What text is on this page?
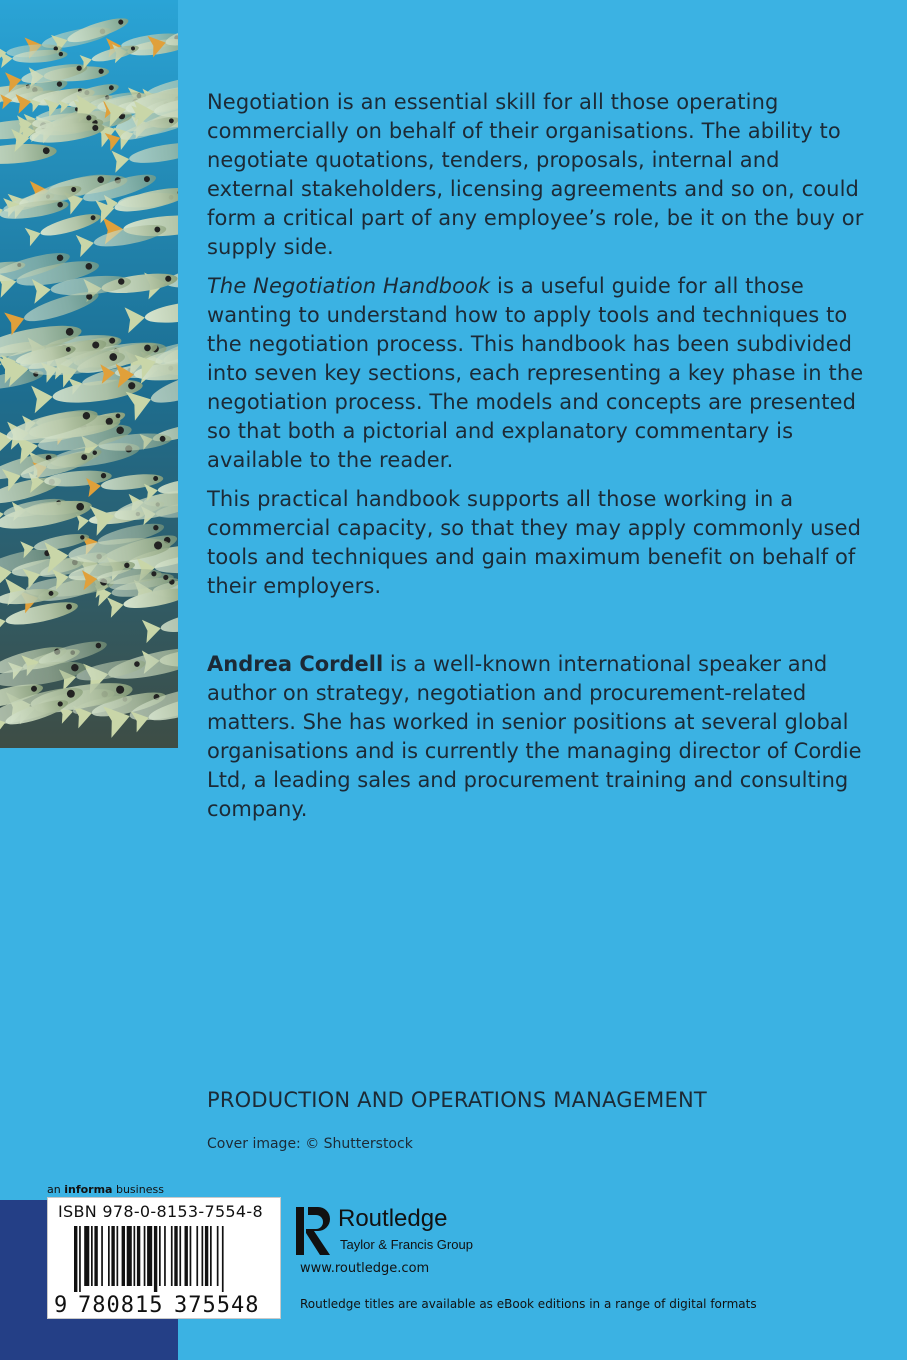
Negotiation is an essential skill for all those operating commercially on behalf of their organisations. The ability to negotiate quotations, tenders, proposals, internal and external stakeholders, licensing agreements and so on, could form a critical part of any employee’s role, be it on the buy or supply side.

The Negotiation Handbook is a useful guide for all those wanting to understand how to apply tools and techniques to the negotiation process. This handbook has been subdivided into seven key sections, each representing a key phase in the negotiation process. The models and concepts are presented so that both a pictorial and explanatory commentary is available to the reader.

This practical handbook supports all those working in a commercial capacity, so that they may apply commonly used tools and techniques and gain maximum benefit on behalf of their employers.

Andrea Cordell is a well-known international speaker and author on strategy, negotiation and procurement-related matters. She has worked in senior positions at several global organisations and is currently the managing director of Cordie Ltd, a leading sales and procurement training and consulting company.

PRODUCTION AND OPERATIONS MANAGEMENT
Cover image: © Shutterstock
an informa business
ISBN 978-0-8153-7554-8
9 780815 375548
Routledge
Taylor & Francis Group
www.routledge.com
Routledge titles are available as eBook editions in a range of digital formats
